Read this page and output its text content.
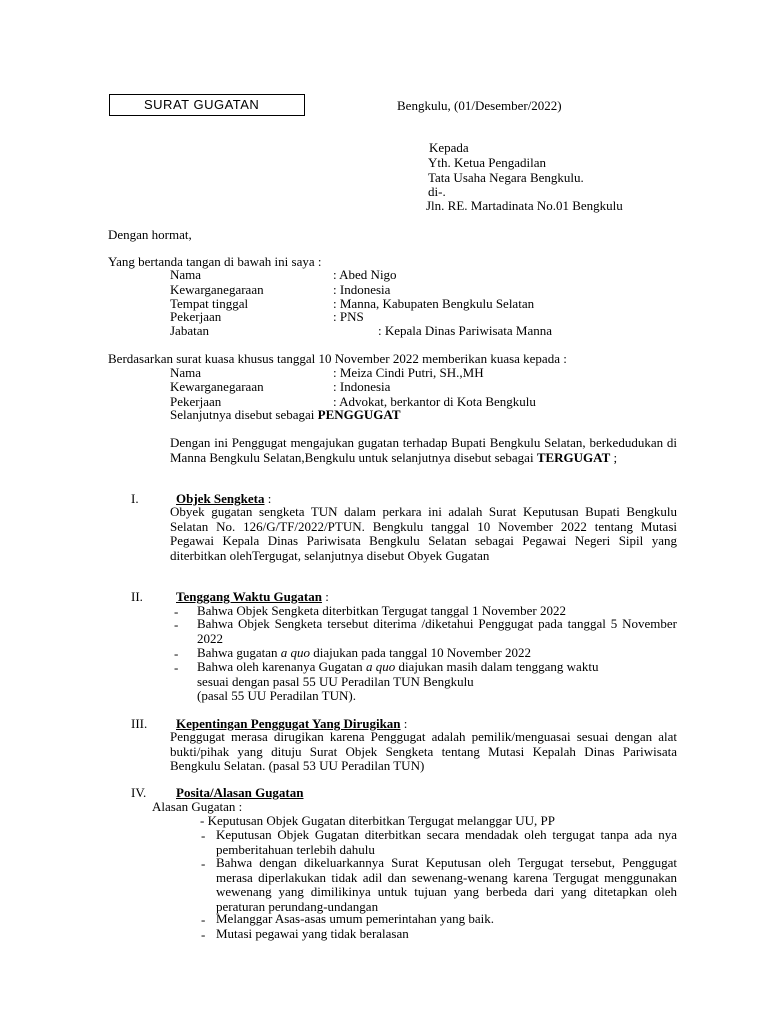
SURAT GUGATAN	Bengkulu, (01/Desember/2022)
Kepada
Yth. Ketua Pengadilan
Tata Usaha Negara Bengkulu.
di-.
Jln. RE. Martadinata No.01 Bengkulu
Dengan hormat,
Yang bertanda tangan di bawah ini saya :
Nama	: Abed Nigo
Kewarganegaraan	: Indonesia
Tempat tinggal	: Manna, Kabupaten Bengkulu Selatan
Pekerjaan	: PNS
Jabatan	: Kepala Dinas Pariwisata Manna
Berdasarkan surat kuasa khusus tanggal 10 November 2022 memberikan kuasa kepada :
Nama	: Meiza Cindi Putri, SH.,MH
Kewarganegaraan	: Indonesia
Pekerjaan	: Advokat, berkantor di Kota Bengkulu
Selanjutnya disebut sebagai PENGGUGAT
Dengan ini Penggugat mengajukan gugatan terhadap Bupati Bengkulu Selatan, berkedudukan di Manna Bengkulu Selatan,Bengkulu untuk selanjutnya disebut sebagai TERGUGAT ;
I.	Objek Sengketa :
Obyek gugatan sengketa TUN dalam perkara ini adalah Surat Keputusan Bupati Bengkulu Selatan No. 126/G/TF/2022/PTUN. Bengkulu tanggal 10 November 2022 tentang Mutasi Pegawai Kepala Dinas Pariwisata Bengkulu Selatan sebagai Pegawai Negeri Sipil yang diterbitkan olehTergugat, selanjutnya disebut Obyek Gugatan
II.	Tenggang Waktu Gugatan :
- Bahwa Objek Sengketa diterbitkan Tergugat tanggal 1 November 2022
- Bahwa Objek Sengketa tersebut diterima /diketahui Penggugat pada tanggal 5 November 2022
- Bahwa gugatan a quo diajukan pada tanggal 10 November 2022
- Bahwa oleh karenanya Gugatan a quo diajukan masih dalam tenggang waktu
sesuai dengan pasal 55 UU Peradilan TUN Bengkulu
(pasal 55 UU Peradilan TUN).
III. Kepentingan Penggugat Yang Dirugikan :
Penggugat merasa dirugikan karena Penggugat adalah pemilik/menguasai sesuai dengan alat bukti/pihak yang dituju Surat Objek Sengketa tentang Mutasi Kepalah Dinas Pariwisata Bengkulu Selatan. (pasal 53 UU Peradilan TUN)
IV. Posita/Alasan Gugatan
Alasan Gugatan :
- Keputusan Objek Gugatan diterbitkan Tergugat melanggar UU, PP
- Keputusan Objek Gugatan diterbitkan secara mendadak oleh tergugat tanpa ada nya pemberitahuan terlebih dahulu
- Bahwa dengan dikeluarkannya Surat Keputusan oleh Tergugat tersebut, Penggugat merasa diperlakukan tidak adil dan sewenang-wenang karena Tergugat menggunakan wewenang yang dimilikinya untuk tujuan yang berbeda dari yang ditetapkan oleh peraturan perundang-undangan
- Melanggar Asas-asas umum pemerintahan yang baik.
- Mutasi pegawai yang tidak beralasan
